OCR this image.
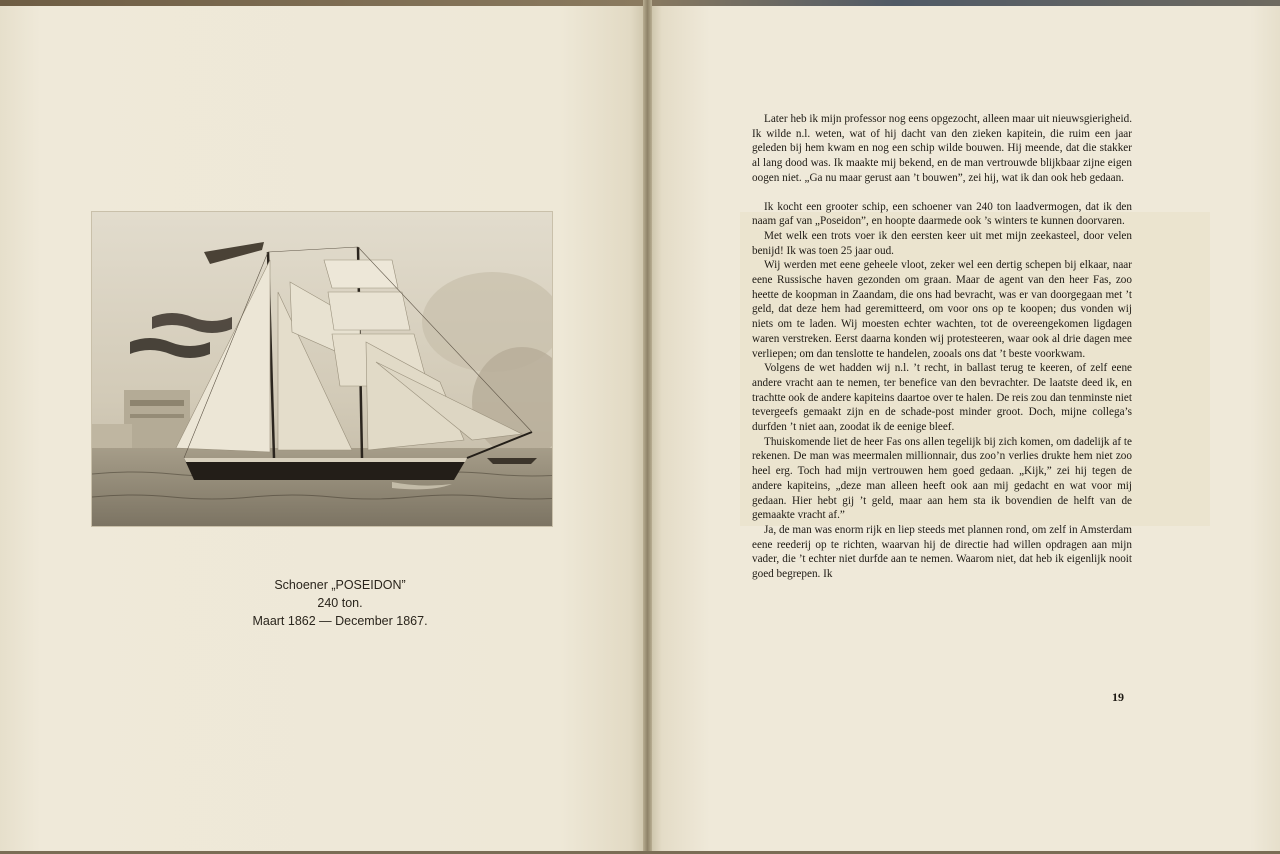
Schoener „POSEIDON”
240 ton.
Maart 1862 — December 1867.

Later heb ik mijn professor nog eens opgezocht, alleen maar uit nieuwsgierigheid. Ik wilde n.l. weten, wat of hij dacht van den zieken kapitein, die ruim een jaar geleden bij hem kwam en nog een schip wilde bouwen. Hij meende, dat die stakker al lang dood was. Ik maakte mij bekend, en de man vertrouwde blijkbaar zijne eigen oogen niet. „Ga nu maar gerust aan ’t bouwen”, zei hij, wat ik dan ook heb gedaan.

Ik kocht een grooter schip, een schoener van 240 ton laadvermogen, dat ik den naam gaf van „Poseidon”, en hoopte daarmede ook ’s winters te kunnen doorvaren.

Met welk een trots voer ik den eersten keer uit met mijn zeekasteel, door velen benijd! Ik was toen 25 jaar oud.

Wij werden met eene geheele vloot, zeker wel een dertig schepen bij elkaar, naar eene Russische haven gezonden om graan. Maar de agent van den heer Fas, zoo heette de koopman in Zaandam, die ons had bevracht, was er van doorgegaan met ’t geld, dat deze hem had geremitteerd, om voor ons op te koopen; dus vonden wij niets om te laden. Wij moesten echter wachten, tot de overeengekomen ligdagen waren verstreken. Eerst daarna konden wij protesteeren, waar ook al drie dagen mee verliepen; om dan tenslotte te handelen, zooals ons dat ’t beste voorkwam.

Volgens de wet hadden wij n.l. ’t recht, in ballast terug te keeren, of zelf eene andere vracht aan te nemen, ter benefice van den bevrachter. De laatste deed ik, en trachtte ook de andere kapiteins daartoe over te halen. De reis zou dan tenminste niet tevergeefs gemaakt zijn en de schade-post minder groot. Doch, mijne collega’s durfden ’t niet aan, zoodat ik de eenige bleef.

Thuiskomende liet de heer Fas ons allen tegelijk bij zich komen, om dadelijk af te rekenen. De man was meermalen millionnair, dus zoo’n verlies drukte hem niet zoo heel erg. Toch had mijn vertrouwen hem goed gedaan. „Kijk,” zei hij tegen de andere kapiteins, „deze man alleen heeft ook aan mij gedacht en wat voor mij gedaan. Hier hebt gij ’t geld, maar aan hem sta ik bovendien de helft van de gemaakte vracht af.”

Ja, de man was enorm rijk en liep steeds met plannen rond, om zelf in Amsterdam eene reederij op te richten, waarvan hij de directie had willen opdragen aan mijn vader, die ’t echter niet durfde aan te nemen. Waarom niet, dat heb ik eigenlijk nooit goed begrepen. Ik

19
